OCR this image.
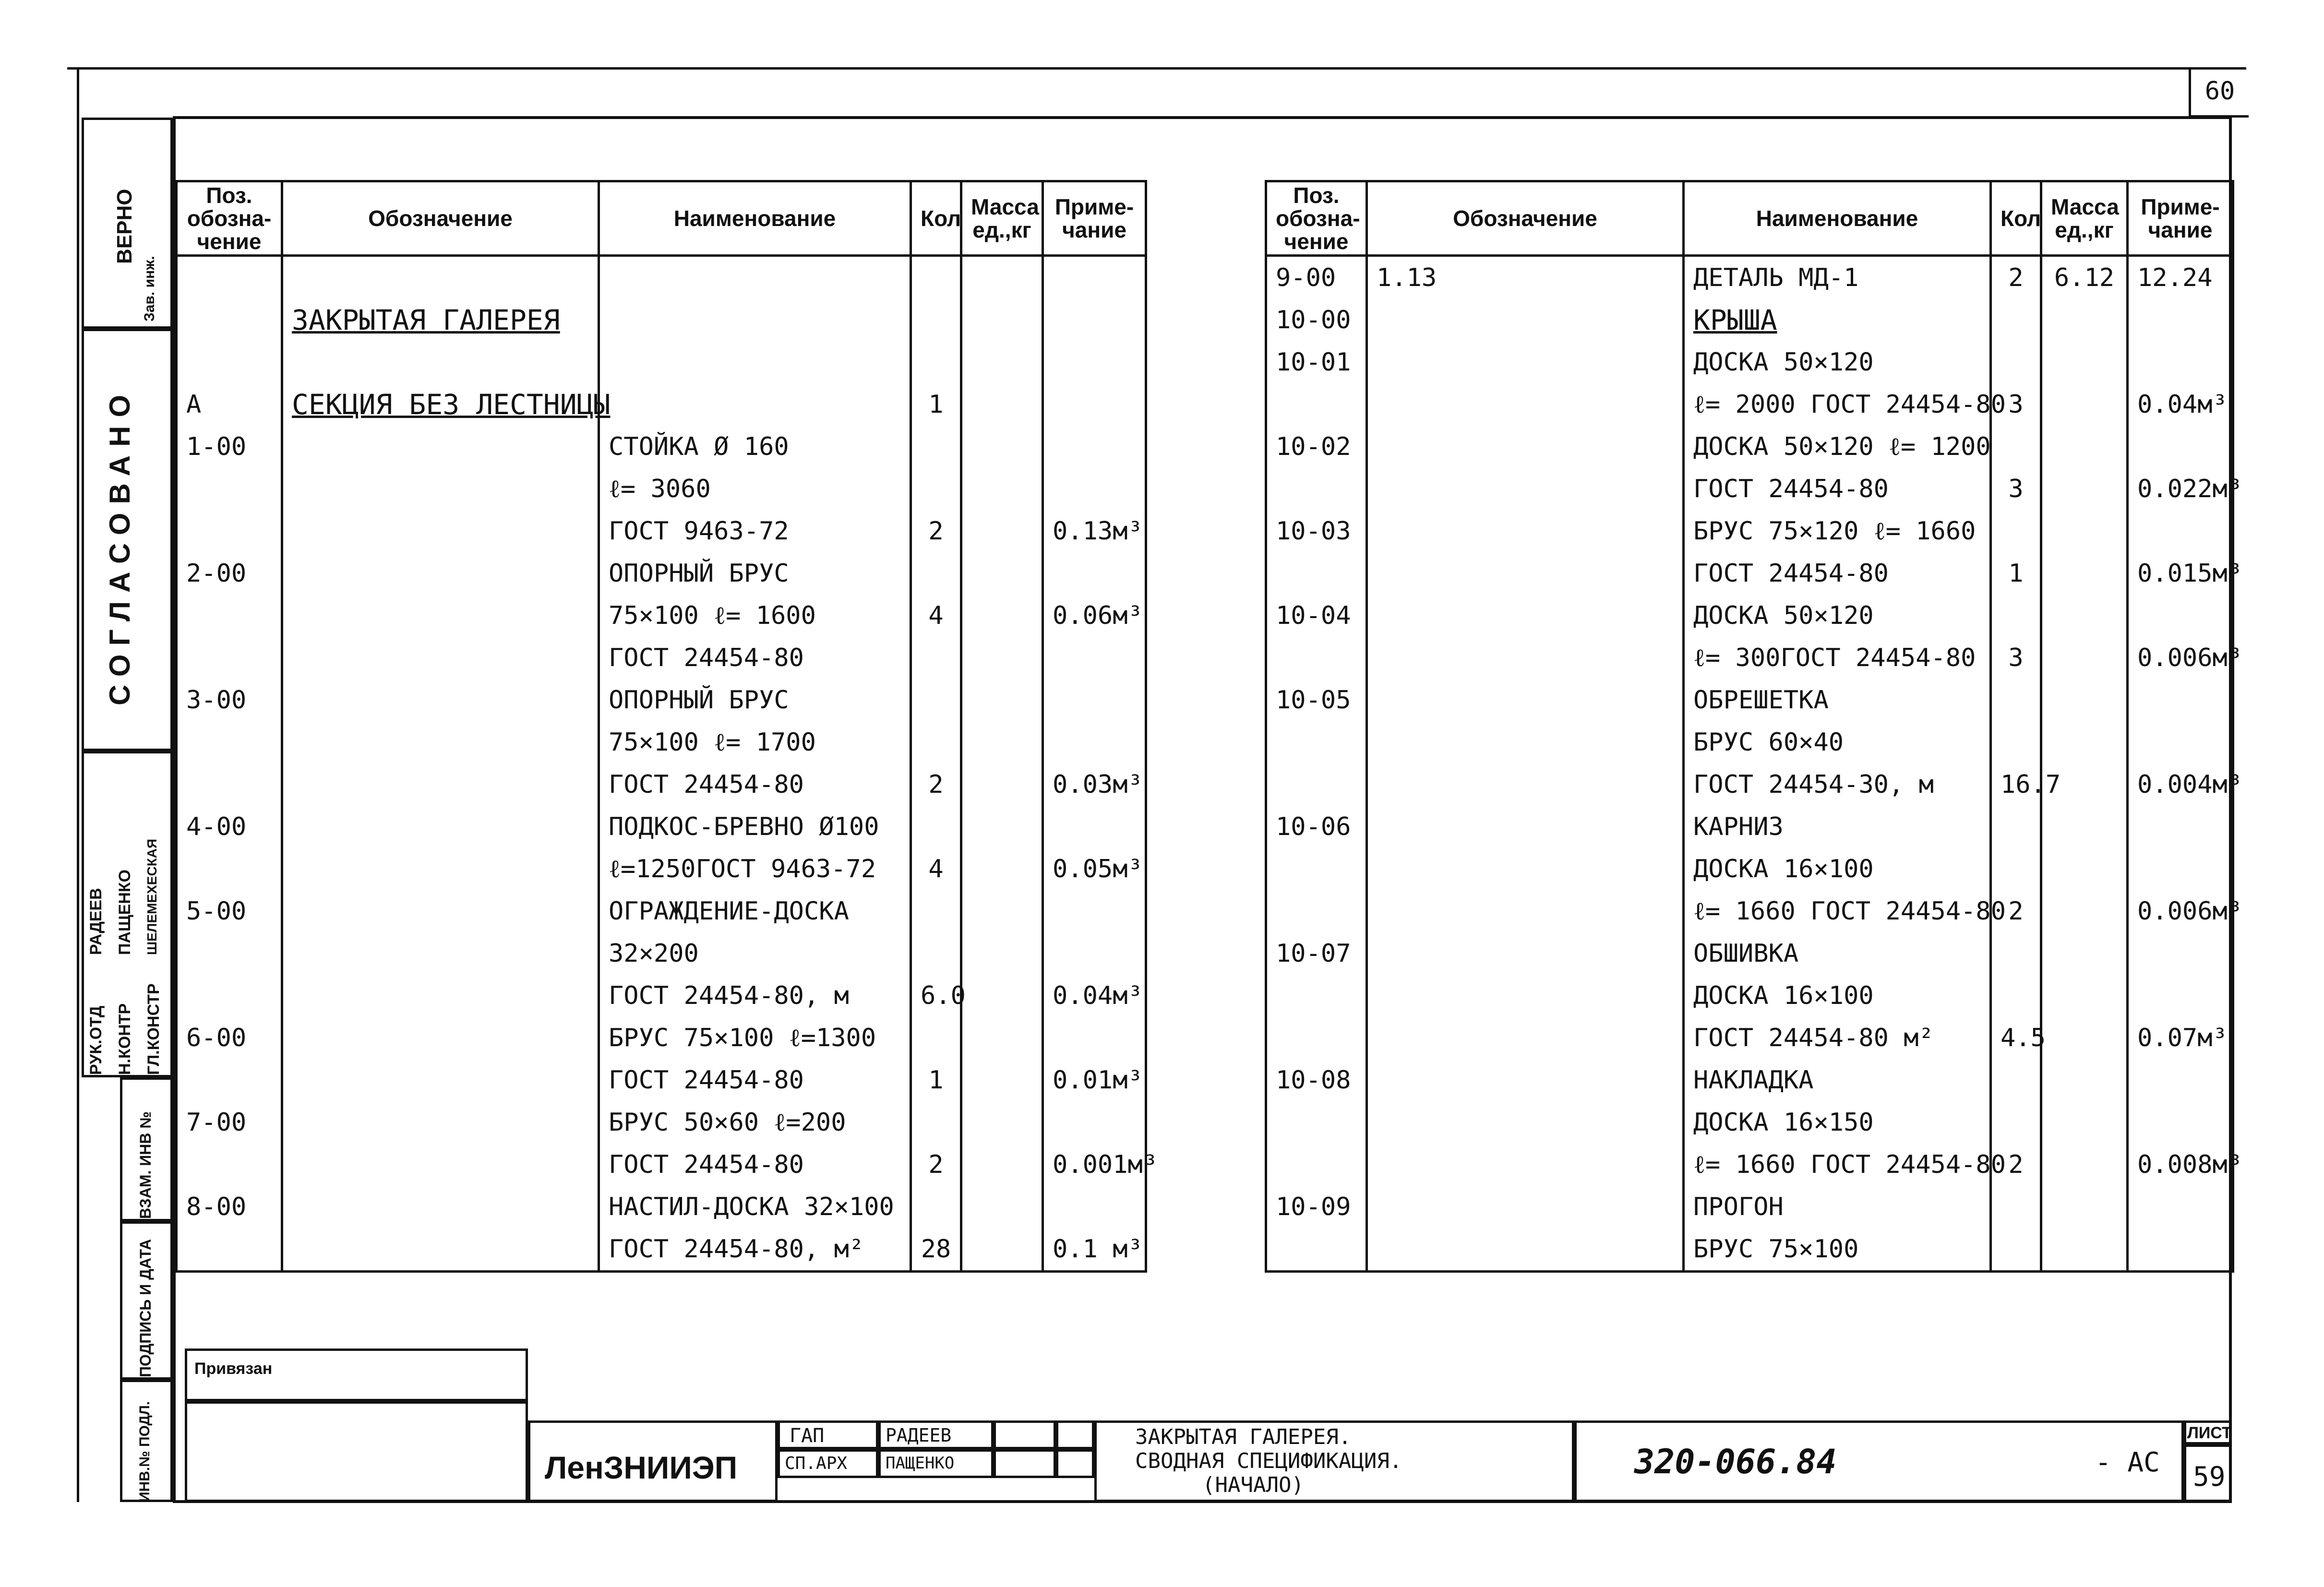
60
ВЕРНО
Зав. инж.
СОГЛАСОВАНО
РУК.ОТД Н.КОНТР ГЛ.КОНСТР
РАДЕЕВ ПАЩЕНКО ШЕЛЕМЕХЕСКАЯ
ВЗАМ. ИНВ №
ПОДПИСЬ И ДАТА
ИНВ.№ ПОДЛ.
Поз. обозна- чение	Обозначение	Наименование	Кол	Масса ед.,кг	Приме- чание

	ЗАКРЫТАЯ ГАЛЕРЕЯ				

А	СЕКЦИЯ БЕЗ ЛЕСТНИЦЫ		1		
1-00		СТОЙКА Ø 160			
		ℓ= 3060			
		ГОСТ 9463-72	2		0.13м³
2-00		ОПОРНЫЙ БРУС			
		75×100 ℓ= 1600	4		0.06м³
		ГОСТ 24454-80			
3-00		ОПОРНЫЙ БРУС			
		75×100 ℓ= 1700			
		ГОСТ 24454-80	2		0.03м³
4-00		ПОДКОС-БРЕВНО Ø100			
		ℓ=1250ГОСТ 9463-72	4		0.05м³
5-00		ОГРАЖДЕНИЕ-ДОСКА			
		32×200			
		ГОСТ 24454-80, м	6.0		0.04м³
6-00		БРУС 75×100 ℓ=1300			
		ГОСТ 24454-80	1		0.01м³
7-00		БРУС 50×60 ℓ=200			
		ГОСТ 24454-80	2		0.001м³
8-00		НАСТИЛ-ДОСКА 32×100			
		ГОСТ 24454-80, м²	28		0.1 м³
Поз. обозна- чение	Обозначение	Наименование	Кол	Масса ед.,кг	Приме- чание
9-00	1.13	ДЕТАЛЬ МД-1	2	6.12	12.24
10-00		КРЫША			
10-01		ДОСКА 50×120			
		ℓ= 2000 ГОСТ 24454-80	3		0.04м³
10-02		ДОСКА 50×120 ℓ= 1200			
		ГОСТ 24454-80	3		0.022м³
10-03		БРУС 75×120 ℓ= 1660			
		ГОСТ 24454-80	1		0.015м³
10-04		ДОСКА 50×120			
		ℓ= 300ГОСТ 24454-80	3		0.006м³
10-05		ОБРЕШЕТКА			
		БРУС 60×40			
		ГОСТ 24454-30, м	16.7		0.004м³
10-06		КАРНИЗ			
		ДОСКА 16×100			
		ℓ= 1660 ГОСТ 24454-80	2		0.006м³
10-07		ОБШИВКА			
		ДОСКА 16×100			
		ГОСТ 24454-80 м²	4.5		0.07м³
10-08		НАКЛАДКА			
		ДОСКА 16×150			
		ℓ= 1660 ГОСТ 24454-80	2		0.008м³
10-09		ПРОГОН			
		БРУС 75×100			
Привязан
ЛенЗНИИЭП
ГАП
СП.АРХ
РАДЕЕВ
ПАЩЕНКО
ЗАКРЫТАЯ ГАЛЕРЕЯ.
СВОДНАЯ СПЕЦИФИКАЦИЯ.
(НАЧАЛО)
320-066.84	- АС
ЛИСТ
59
